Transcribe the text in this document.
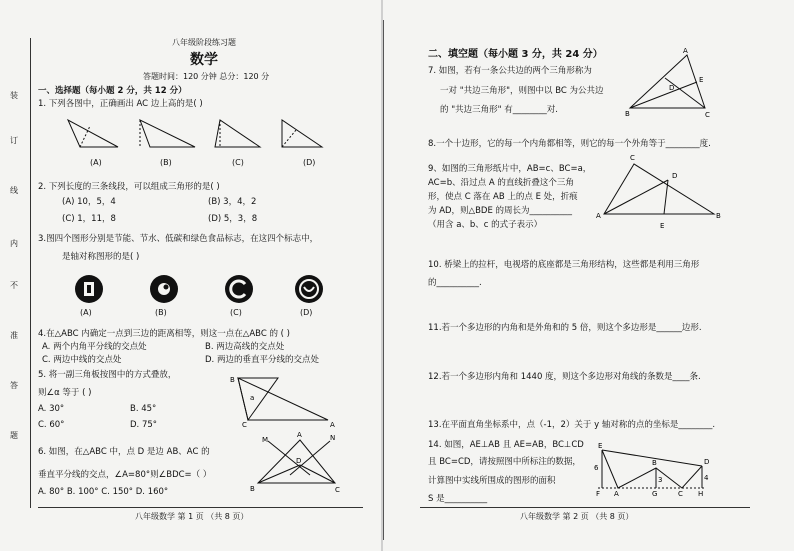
装
订
线
内
不
准
答
题
八年级阶段练习题
数学
答题时间：120 分钟 总分：120 分
一、选择题（每小题 2 分，共 12 分）
1. 下列各图中，正确画出 AC 边上高的是( )
(A)	(B)	(C)	(D)
2. 下列长度的三条线段，可以组成三角形的是( )
(A) 10，5，4	(B) 3，4，2
(C) 1，11，8	(D) 5，3，8
3.图四个图形分别是节能、节水、低碳和绿色食品标志，在这四个标志中，
是轴对称图形的是( )
(A)	(B)	(C)	(D)
4.在△ABC 内确定一点到三边的距离相等，则这一点在△ABC 的 ( )
A. 两个内角平分线的交点处	B. 两边高线的交点处
C. 两边中线的交点处	D. 两边的垂直平分线的交点处
5. 将一副三角板按图中的方式叠放，
则∠α 等于 ( )
A. 30°	B. 45°
C. 60°	D. 75°
B
C	A
a
6. 如图，在△ABC 中，点 D 是边 AB、AC 的
垂直平分线的交点，∠A=80°则∠BDC=（ ）
A. 80° B. 100° C. 150° D. 160°
M
A	N
B	C
D
八年级数学 第 1 页 （共 8 页）
二、填空题（每小题 3 分，共 24 分）
7. 如图，若有一条公共边的两个三角形称为
一对 "共边三角形"，则图中以 BC 为公共边
的 "共边三角形" 有________对.
A
B	C
D
E
8.一个十边形，它的每一个内角都相等，则它的每一个外角等于________度.
9、如图的三角形纸片中，AB=c、BC=a，
AC=b、沿过点 A 的直线折叠这个三角
形，使点 C 落在 AB 上的点 E 处，折痕
为 AD，则△BDE 的周长为__________
（用含 a、b、c 的式子表示）
C
A	B
D
E
10. 桥梁上的拉杆，电视塔的底座都是三角形结构，这些都是利用三角形
的__________.
11.若一个多边形的内角和是外角和的 5 倍，则这个多边形是______边形.
12.若一个多边形内角和 1440 度，则这个多边形对角线的条数是____条.
13.在平面直角坐标系中，点（-1，2）关于 y 轴对称的点的坐标是________.
14. 如图，AE⊥AB 且 AE=AB，BC⊥CD
且 BC=CD，请按照图中所标注的数据，
计算图中实线所围成的图形的面积
S 是__________
E
F A
B
G	C H
D
6
3	4
八年级数学 第 2 页 （共 8 页）
